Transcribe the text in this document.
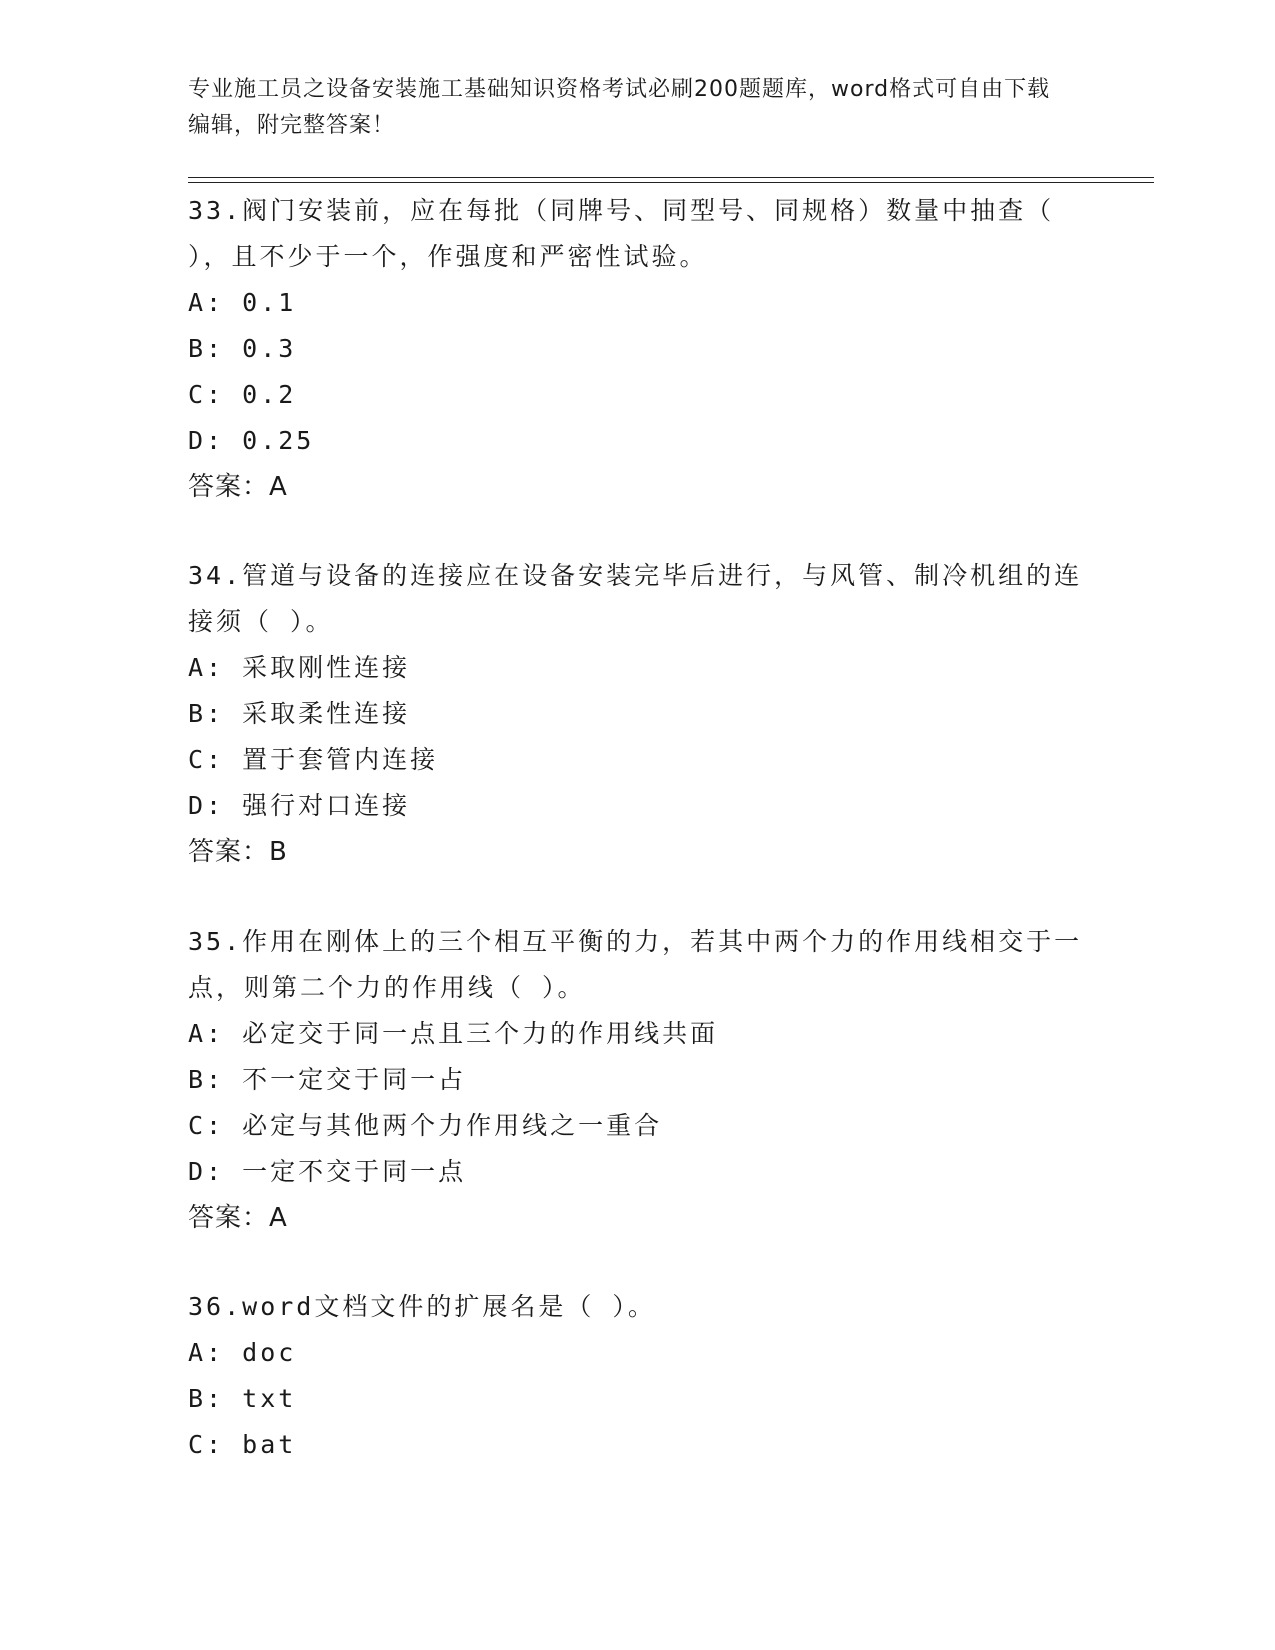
专业施工员之设备安装施工基础知识资格考试必刷200题题库，word格式可自由下载编辑，附完整答案！

33.阀门安装前，应在每批（同牌号、同型号、同规格）数量中抽查（ ），且不少于一个，作强度和严密性试验。

A: 0.1
B: 0.3
C: 0.2
D: 0.25
答案：A

34.管道与设备的连接应在设备安装完毕后进行，与风管、制冷机组的连接须（ ）。

A: 采取刚性连接
B: 采取柔性连接
C: 置于套管内连接
D: 强行对口连接
答案：B

35.作用在刚体上的三个相互平衡的力，若其中两个力的作用线相交于一点，则第二个力的作用线（ ）。

A: 必定交于同一点且三个力的作用线共面
B: 不一定交于同一占
C: 必定与其他两个力作用线之一重合
D: 一定不交于同一点
答案：A

36.word文档文件的扩展名是（ ）。

A: doc
B: txt
C: bat
